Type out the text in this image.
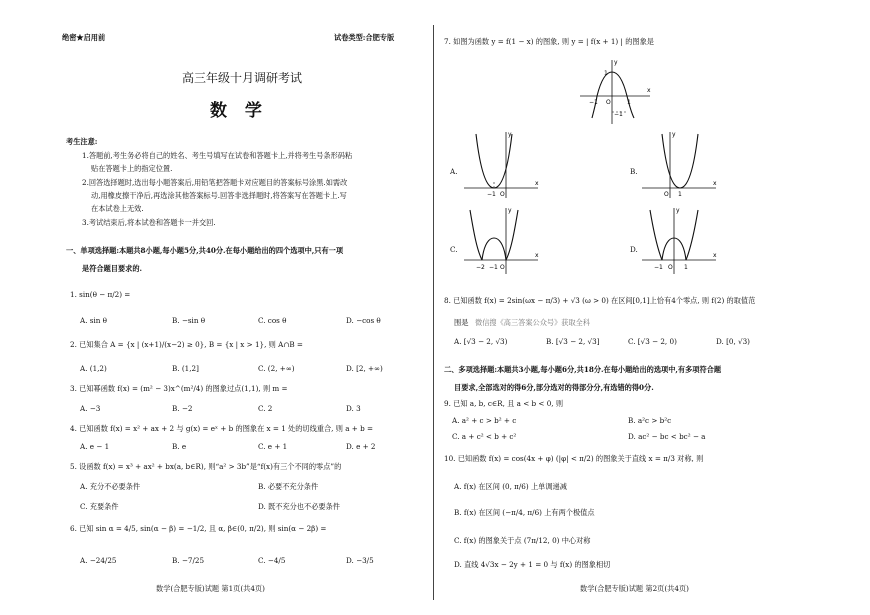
绝密★启用前	试卷类型:合肥专版
高三年级十月调研考试
数 学
考生注意:
1.答题前,考生务必将自己的姓名、考生号填写在试卷和答题卡上,并将考生号条形码粘
贴在答题卡上的指定位置.
2.回答选择题时,选出每小题答案后,用铅笔把答题卡对应题目的答案标号涂黑.如需改
动,用橡皮擦干净后,再选涂其他答案标号.回答非选择题时,将答案写在答题卡上.写
在本试卷上无效.
3.考试结束后,将本试卷和答题卡一并交回.
一、单项选择题:本题共8小题,每小题5分,共40分.在每小题给出的四个选项中,只有一项
是符合题目要求的.
1. sin(θ − π/2) =
A. sin θ	B. −sin θ	C. cos θ	D. −cos θ
2. 已知集合 A = {x | (x+1)/(x−2) ≥ 0}, B = {x | x > 1}, 则 A∩B =
A. (1,2)	B. (1,2]	C. (2, +∞)	D. [2, +∞)
3. 已知幂函数 f(x) = (m² − 3)x^(m²/4) 的图象过点(1,1), 则 m =
A. −3	B. −2	C. 2	D. 3
4. 已知函数 f(x) = x² + ax + 2 与 g(x) = eˣ + b 的图象在 x = 1 处的切线重合, 则 a + b =
A. e − 1	B. e	C. e + 1	D. e + 2
5. 设函数 f(x) = x³ + ax² + bx(a, b∈R), 则“a² > 3b”是“f(x)有三个不同的零点”的
A. 充分不必要条件	B. 必要不充分条件
C. 充要条件	D. 既不充分也不必要条件
6. 已知 sin α = 4/5, sin(α − β) = −1/2, 且 α, β∈(0, π/2), 则 sin(α − 2β) =
A. −24/25	B. −7/25	C. −4/5	D. −3/5
数学(合肥专版)试题 第1页(共4页)
7. 如图为函数 y = f(1 − x) 的图象, 则 y = | f(x + 1) | 的图象是
1
−1
−1 O	1
x
y
A.
−1 O
x
y
B.
O 1
x
y
C.
−2 −1 O
x
y
D.
−1 O 1
x
y
8. 已知函数 f(x) = 2sin(ωx − π/3) + √3 (ω > 0) 在区间[0,1]上恰有4个零点, 则 f(2) 的取值范
围是 微信搜《高三答案公众号》获取全科
A. [√3 − 2, √3)	B. [√3 − 2, √3]	C. [√3 − 2, 0)	D. [0, √3)
二、多项选择题:本题共3小题,每小题6分,共18分.在每小题给出的选项中,有多项符合题
目要求,全部选对的得6分,部分选对的得部分分,有选错的得0分.
9. 已知 a, b, c∈R, 且 a < b < 0, 则
A. a² + c > b² + c	B. a²c > b²c
C. a + c² < b + c²	D. ac² − bc < bc² − a
10. 已知函数 f(x) = cos(4x + φ) (|φ| < π/2) 的图象关于直线 x = π/3 对称, 则
A. f(x) 在区间 (0, π/6) 上单调递减
B. f(x) 在区间 (−π/4, π/6) 上有两个极值点
C. f(x) 的图象关于点 (7π/12, 0) 中心对称
D. 直线 4√3x − 2y + 1 = 0 与 f(x) 的图象相切
数学(合肥专版)试题 第2页(共4页)
